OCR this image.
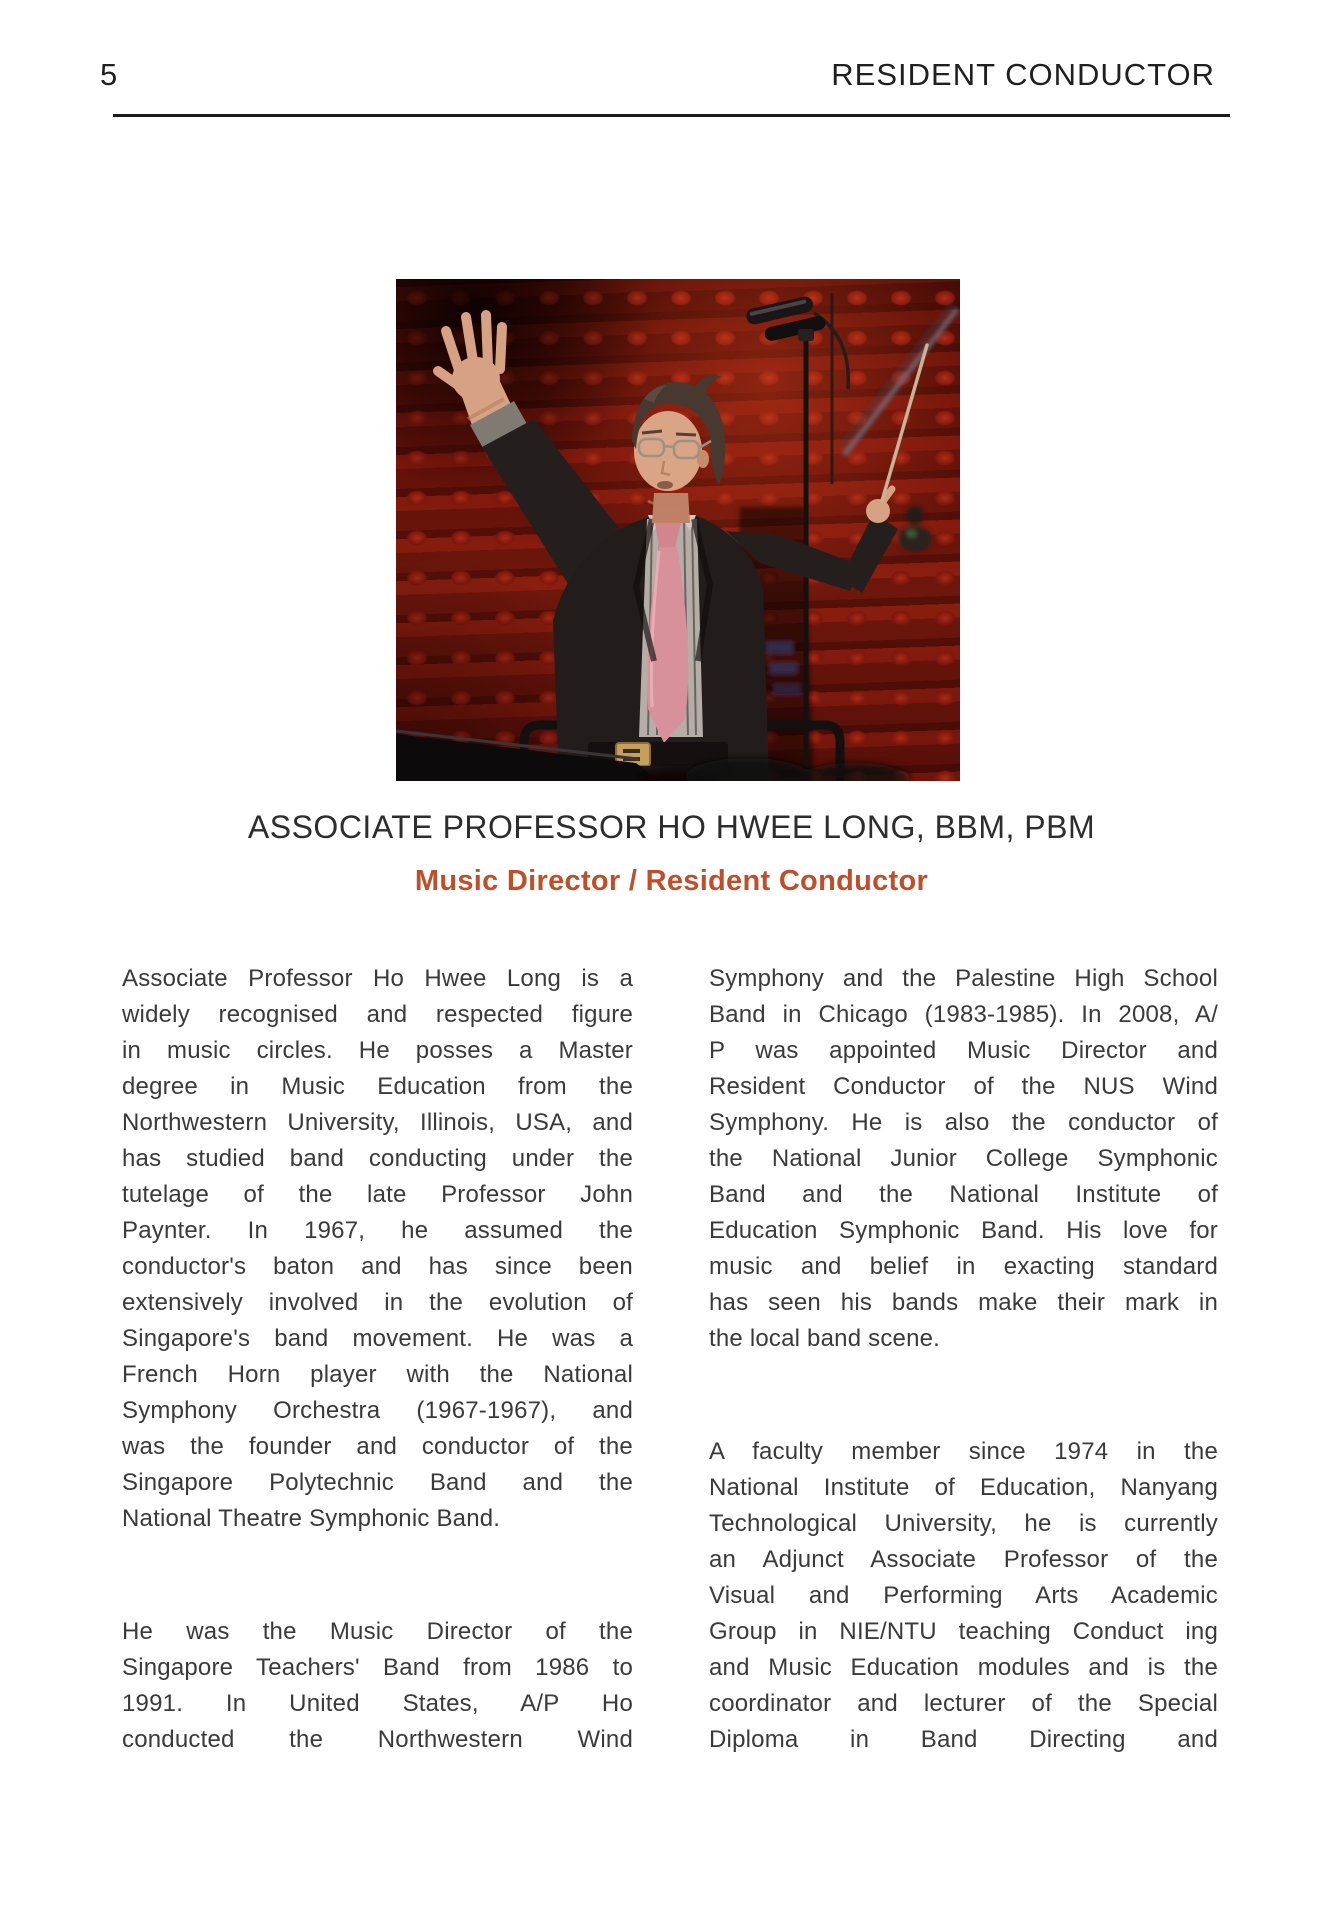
5	RESIDENT CONDUCTOR
ASSOCIATE PROFESSOR HO HWEE LONG, BBM, PBM
Music Director / Resident Conductor
Associate Professor Ho Hwee Long is a
widely recognised and respected figure
in music circles. He posses a Master
degree in Music Education from the
Northwestern University, Illinois, USA, and
has studied band conducting under the
tutelage of the late Professor John
Paynter. In 1967, he assumed the
conductor's baton and has since been
extensively involved in the evolution of
Singapore's band movement. He was a
French Horn player with the National
Symphony Orchestra (1967-1967), and
was the founder and conductor of the
Singapore Polytechnic Band and the
National Theatre Symphonic Band.
He was the Music Director of the
Singapore Teachers' Band from 1986 to
1991. In United States, A/P Ho
conducted the Northwestern Wind
Symphony and the Palestine High School
Band in Chicago (1983-1985). In 2008, A/
P was appointed Music Director and
Resident Conductor of the NUS Wind
Symphony. He is also the conductor of
the National Junior College Symphonic
Band and the National Institute of
Education Symphonic Band. His love for
music and belief in exacting standard
has seen his bands make their mark in
the local band scene.
A faculty member since 1974 in the
National Institute of Education, Nanyang
Technological University, he is currently
an Adjunct Associate Professor of the
Visual and Performing Arts Academic
Group in NIE/NTU teaching Conduct ing
and Music Education modules and is the
coordinator and lecturer of the Special
Diploma in Band Directing and
